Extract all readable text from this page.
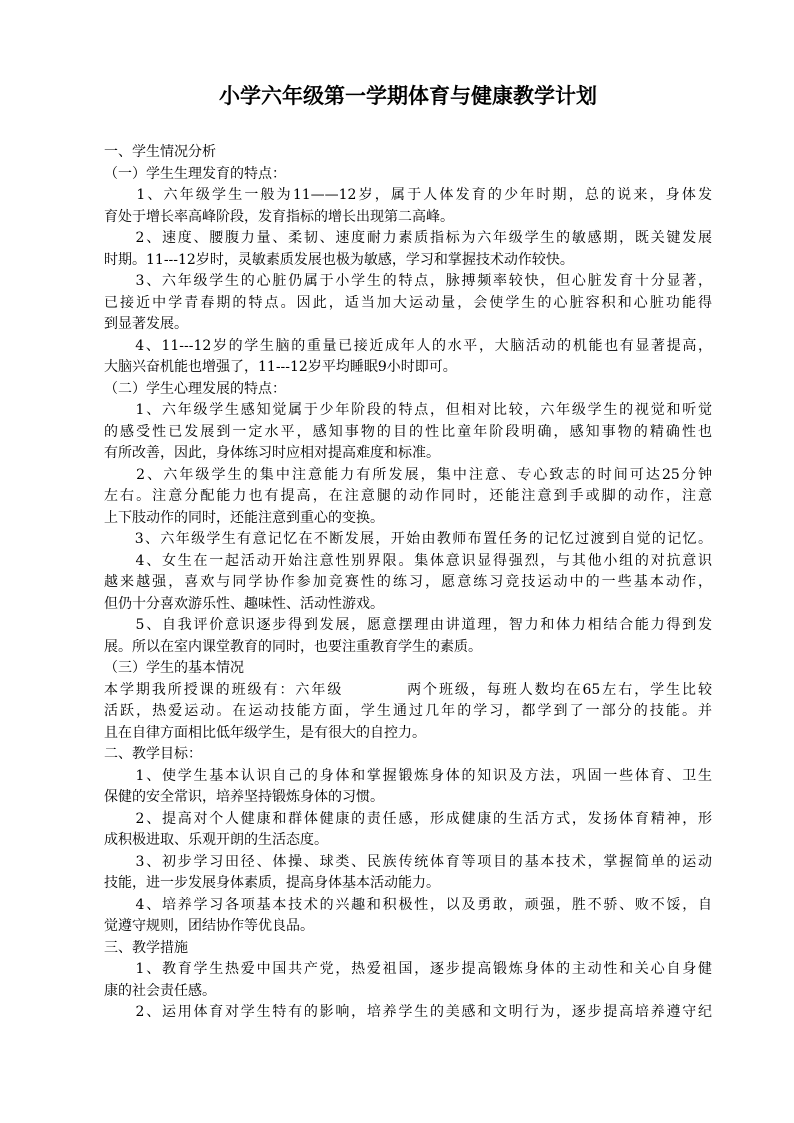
小学六年级第一学期体育与健康教学计划
一、学生情况分析
（一）学生生理发育的特点：
　　1、六年级学生一般为11——12岁，属于人体发育的少年时期，总的说来，身体发
育处于增长率高峰阶段，发育指标的增长出现第二高峰。
　　2、速度、腰腹力量、柔韧、速度耐力素质指标为六年级学生的敏感期，既关键发展
时期。11---12岁时，灵敏素质发展也极为敏感，学习和掌握技术动作较快。
　　3、六年级学生的心脏仍属于小学生的特点，脉搏频率较快，但心脏发育十分显著，
已接近中学青春期的特点。因此，适当加大运动量，会使学生的心脏容积和心脏功能得
到显著发展。
　　4、11---12岁的学生脑的重量已接近成年人的水平，大脑活动的机能也有显著提高，
大脑兴奋机能也增强了，11---12岁平均睡眠9小时即可。
（二）学生心理发展的特点：
　　1、六年级学生感知觉属于少年阶段的特点，但相对比较，六年级学生的视觉和听觉
的感受性已发展到一定水平，感知事物的目的性比童年阶段明确，感知事物的精确性也
有所改善，因此，身体练习时应相对提高难度和标准。
　　2、六年级学生的集中注意能力有所发展，集中注意、专心致志的时间可达25分钟
左右。注意分配能力也有提高，在注意腿的动作同时，还能注意到手或脚的动作，注意
上下肢动作的同时，还能注意到重心的变换。
　　3、六年级学生有意记忆在不断发展，开始由教师布置任务的记忆过渡到自觉的记忆。
　　4、女生在一起活动开始注意性别界限。集体意识显得强烈，与其他小组的对抗意识
越来越强，喜欢与同学协作参加竞赛性的练习，愿意练习竞技运动中的一些基本动作，
但仍十分喜欢游乐性、趣味性、活动性游戏。
　　5、自我评价意识逐步得到发展，愿意摆理由讲道理，智力和体力相结合能力得到发
展。所以在室内课堂教育的同时，也要注重教育学生的素质。
（三）学生的基本情况
本学期我所授课的班级有：六年级　　　　两个班级，每班人数均在65左右，学生比较
活跃，热爱运动。在运动技能方面，学生通过几年的学习，都学到了一部分的技能。并
且在自律方面相比低年级学生，是有很大的自控力。
二、教学目标：
　　1、使学生基本认识自己的身体和掌握锻炼身体的知识及方法，巩固一些体育、卫生
保健的安全常识，培养坚持锻炼身体的习惯。
　　2、提高对个人健康和群体健康的责任感，形成健康的生活方式，发扬体育精神，形
成积极进取、乐观开朗的生活态度。
　　3、初步学习田径、体操、球类、民族传统体育等项目的基本技术，掌握简单的运动
技能，进一步发展身体素质，提高身体基本活动能力。
　　4、培养学习各项基本技术的兴趣和积极性，以及勇敢，顽强，胜不骄、败不馁，自
觉遵守规则，团结协作等优良品。
三、教学措施
　　1、教育学生热爱中国共产党，热爱祖国，逐步提高锻炼身体的主动性和关心自身健
康的社会责任感。
　　2、运用体育对学生特有的影响，培养学生的美感和文明行为，逐步提高培养遵守纪
